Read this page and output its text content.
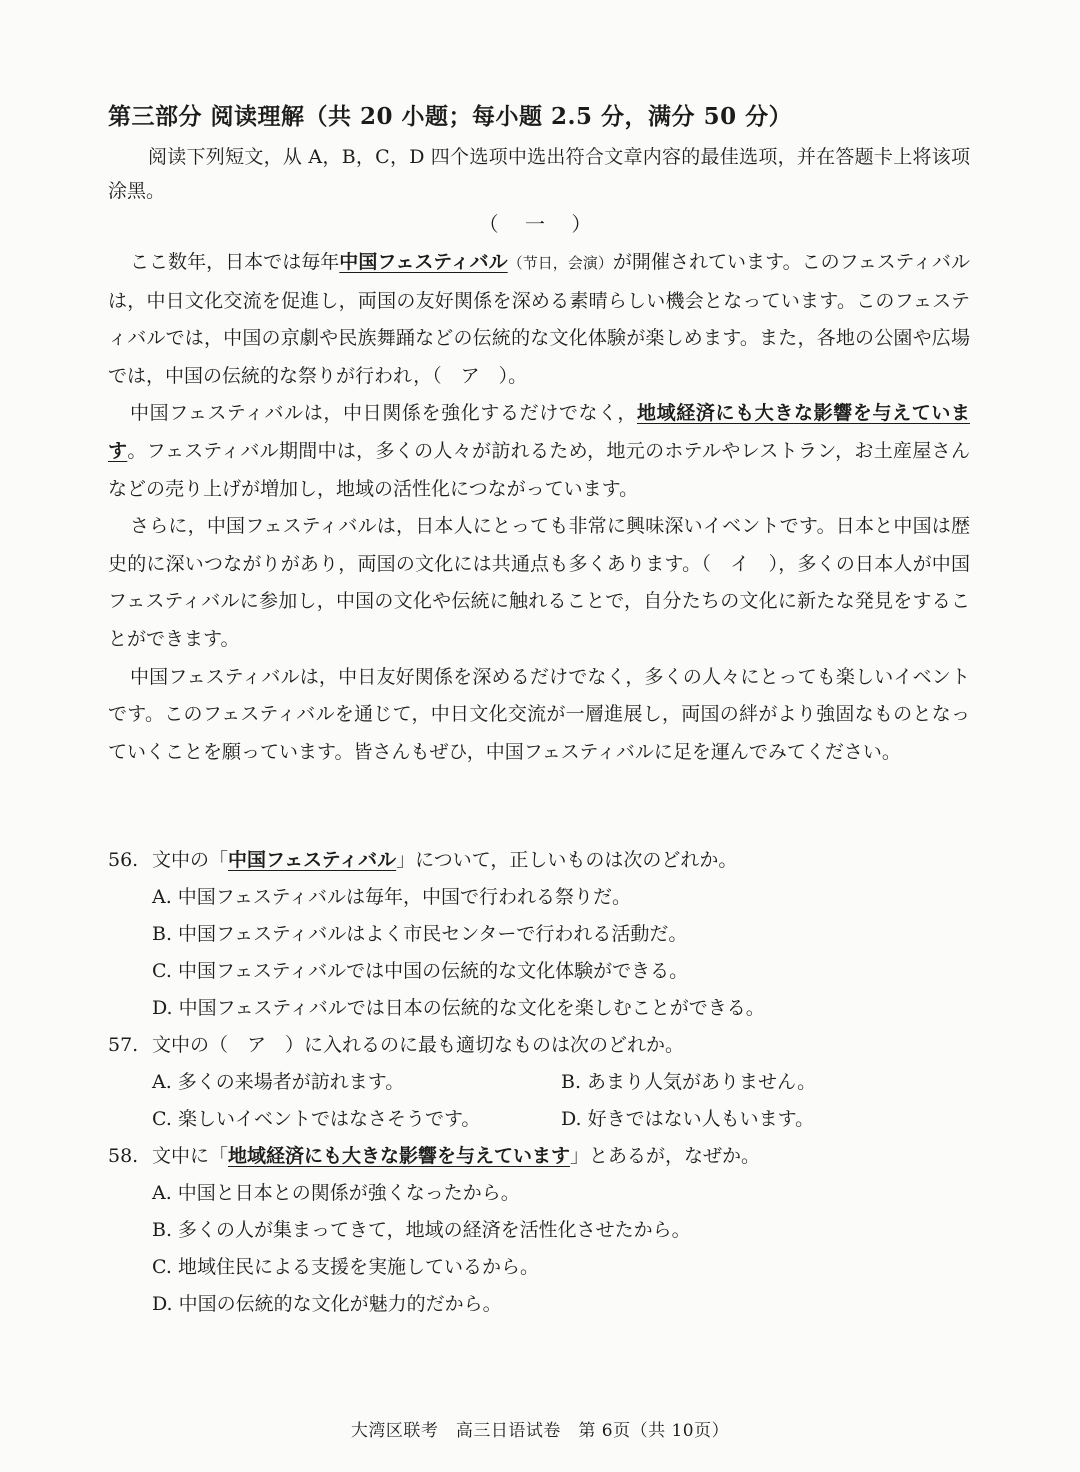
第三部分 阅读理解（共 20 小题；每小题 2.5 分，满分 50 分）
阅读下列短文，从 A，B，C，D 四个选项中选出符合文章内容的最佳选项，并在答题卡上将该项涂黑。
（ 一 ）

ここ数年，日本では毎年中国フェスティバル（节日，会演）が開催されています。このフェスティバルは，中日文化交流を促進し，両国の友好関係を深める素晴らしい機会となっています。このフェスティバルでは，中国の京劇や民族舞踊などの伝統的な文化体験が楽しめます。また，各地の公園や広場では，中国の伝統的な祭りが行われ，（　ア　）。

中国フェスティバルは，中日関係を強化するだけでなく，地域経済にも大きな影響を与えています。フェスティバル期間中は，多くの人々が訪れるため，地元のホテルやレストラン，お土産屋さんなどの売り上げが増加し，地域の活性化につながっています。

さらに，中国フェスティバルは，日本人にとっても非常に興味深いイベントです。日本と中国は歴史的に深いつながりがあり，両国の文化には共通点も多くあります。（　イ　），多くの日本人が中国フェスティバルに参加し，中国の文化や伝統に触れることで，自分たちの文化に新たな発見をすることができます。

中国フェスティバルは，中日友好関係を深めるだけでなく，多くの人々にとっても楽しいイベントです。このフェスティバルを通じて，中日文化交流が一層進展し，両国の絆がより強固なものとなっていくことを願っています。皆さんもぜひ，中国フェスティバルに足を運んでみてください。

56. 文中の「中国フェスティバル」について，正しいものは次のどれか。
A. 中国フェスティバルは毎年，中国で行われる祭りだ。
B. 中国フェスティバルはよく市民センターで行われる活動だ。
C. 中国フェスティバルでは中国の伝統的な文化体験ができる。
D. 中国フェスティバルでは日本の伝統的な文化を楽しむことができる。
57. 文中の（　ア　）に入れるのに最も適切なものは次のどれか。
A. 多くの来場者が訪れます。	B. あまり人気がありません。
C. 楽しいイベントではなさそうです。	D. 好きではない人もいます。
58. 文中に「地域経済にも大きな影響を与えています」とあるが，なぜか。
A. 中国と日本との関係が強くなったから。
B. 多くの人が集まってきて，地域の経済を活性化させたから。
C. 地域住民による支援を実施しているから。
D. 中国の伝統的な文化が魅力的だから。
大湾区联考　高三日语试卷　第 6页（共 10页）
